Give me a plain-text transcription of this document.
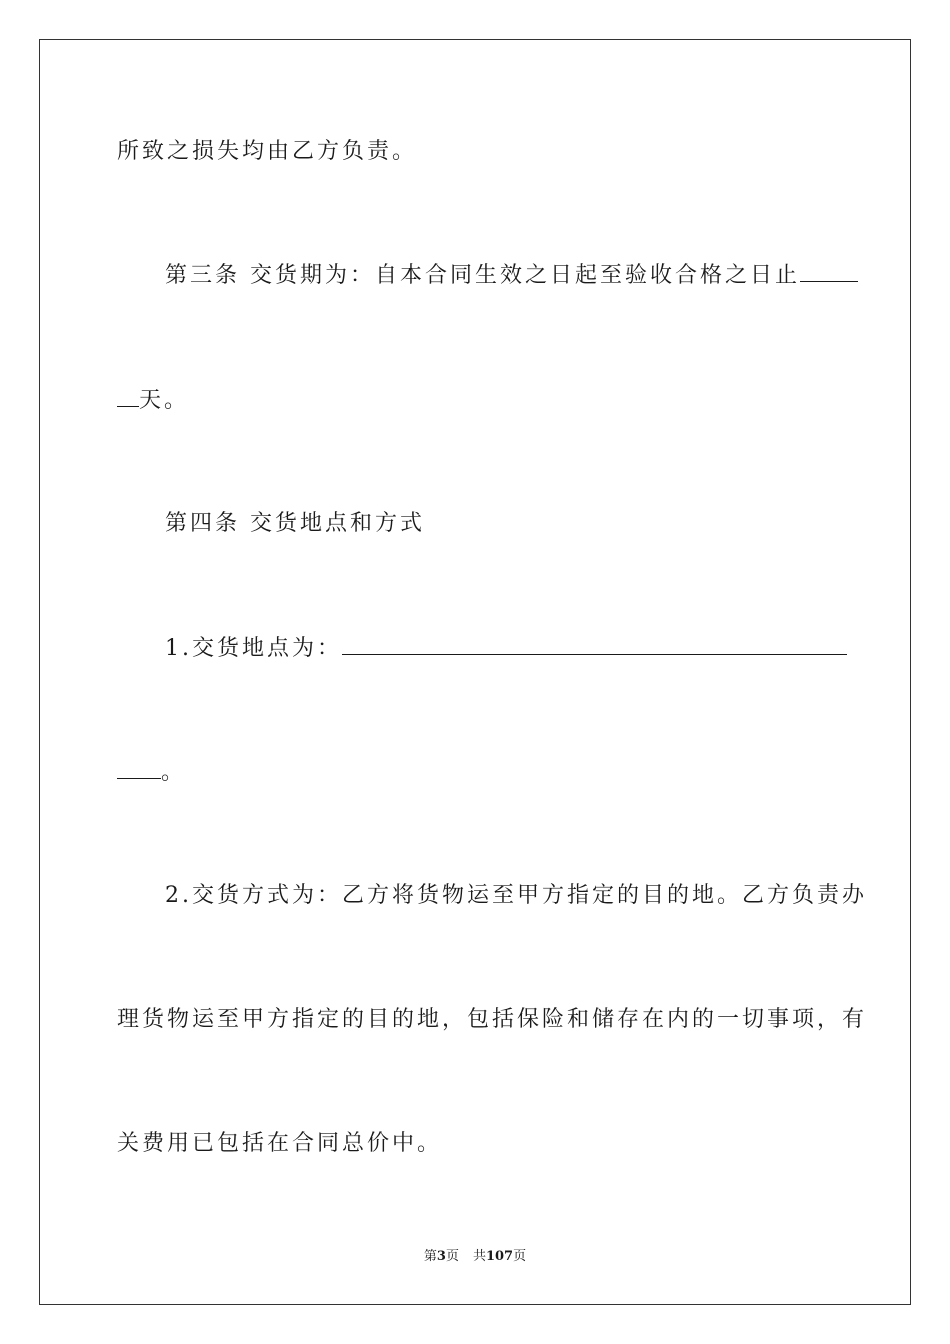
所致之损失均由乙方负责。
第三条 交货期为：自本合同生效之日起至验收合格之日止
天。
第四条 交货地点和方式
1.交货地点为：
。
2.交货方式为：乙方将货物运至甲方指定的目的地。乙方负责办
理货物运至甲方指定的目的地，包括保险和储存在内的一切事项，有
关费用已包括在合同总价中。
第3页 共107页
